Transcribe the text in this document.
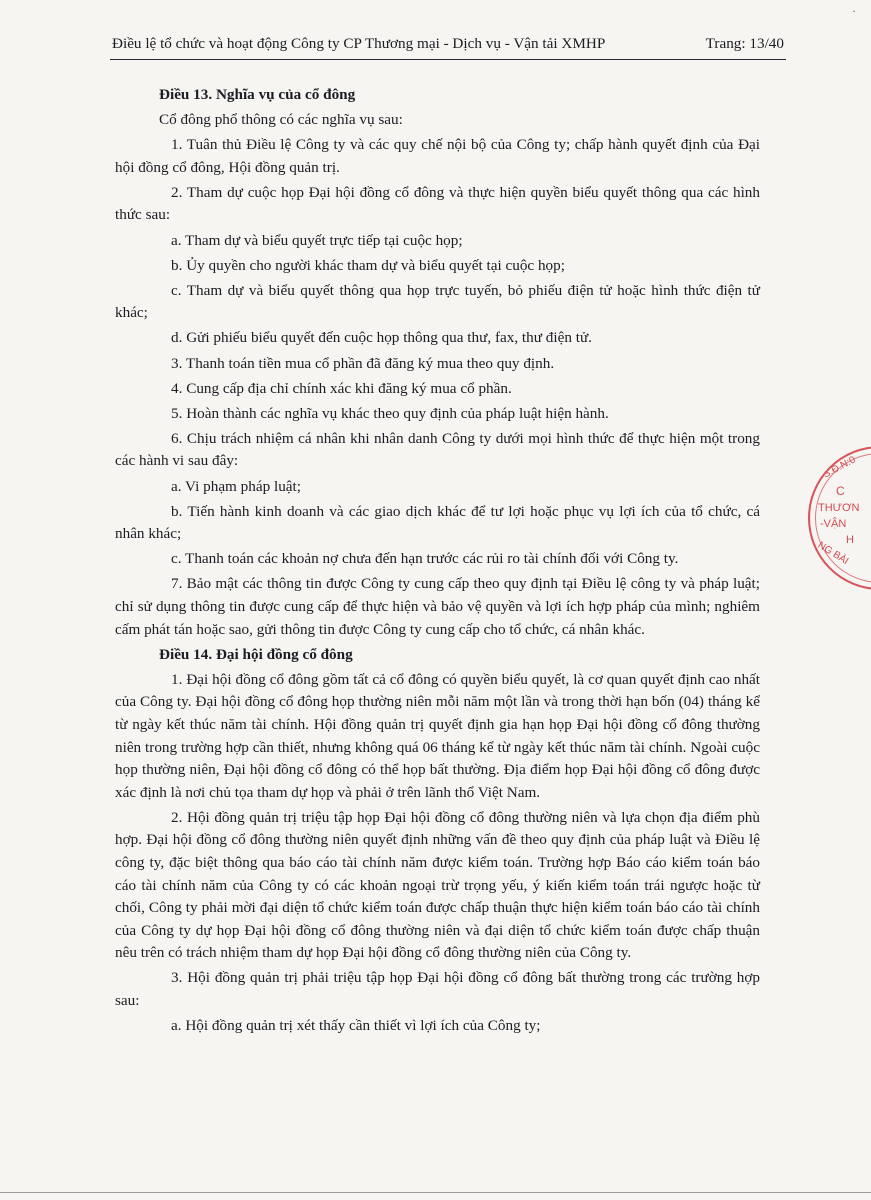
·
Điều lệ tổ chức và hoạt động Công ty CP Thương mại - Dịch vụ - Vận tải XMHP	Trang: 13/40

Điều 13. Nghĩa vụ của cổ đông

Cổ đông phổ thông có các nghĩa vụ sau:

1. Tuân thủ Điều lệ Công ty và các quy chế nội bộ của Công ty; chấp hành quyết định của Đại hội đồng cổ đông, Hội đồng quản trị.

2. Tham dự cuộc họp Đại hội đồng cổ đông và thực hiện quyền biểu quyết thông qua các hình thức sau:

a. Tham dự và biểu quyết trực tiếp tại cuộc họp;

b. Ủy quyền cho người khác tham dự và biểu quyết tại cuộc họp;

c. Tham dự và biểu quyết thông qua họp trực tuyến, bỏ phiếu điện tử hoặc hình thức điện tử khác;

d. Gửi phiếu biểu quyết đến cuộc họp thông qua thư, fax, thư điện tử.

3. Thanh toán tiền mua cổ phần đã đăng ký mua theo quy định.

4. Cung cấp địa chỉ chính xác khi đăng ký mua cổ phần.

5. Hoàn thành các nghĩa vụ khác theo quy định của pháp luật hiện hành.

6. Chịu trách nhiệm cá nhân khi nhân danh Công ty dưới mọi hình thức để thực hiện một trong các hành vi sau đây:

a. Vi phạm pháp luật;

b. Tiến hành kinh doanh và các giao dịch khác để tư lợi hoặc phục vụ lợi ích của tổ chức, cá nhân khác;

c. Thanh toán các khoản nợ chưa đến hạn trước các rủi ro tài chính đối với Công ty.

7. Bảo mật các thông tin được Công ty cung cấp theo quy định tại Điều lệ công ty và pháp luật; chỉ sử dụng thông tin được cung cấp để thực hiện và bảo vệ quyền và lợi ích hợp pháp của mình; nghiêm cấm phát tán hoặc sao, gửi thông tin được Công ty cung cấp cho tổ chức, cá nhân khác.

Điều 14. Đại hội đồng cổ đông

1. Đại hội đồng cổ đông gồm tất cả cổ đông có quyền biểu quyết, là cơ quan quyết định cao nhất của Công ty. Đại hội đồng cổ đông họp thường niên mỗi năm một lần và trong thời hạn bốn (04) tháng kể từ ngày kết thúc năm tài chính. Hội đồng quản trị quyết định gia hạn họp Đại hội đồng cổ đông thường niên trong trường hợp cần thiết, nhưng không quá 06 tháng kể từ ngày kết thúc năm tài chính. Ngoài cuộc họp thường niên, Đại hội đồng cổ đông có thể họp bất thường. Địa điểm họp Đại hội đồng cổ đông được xác định là nơi chủ tọa tham dự họp và phải ở trên lãnh thổ Việt Nam.

2. Hội đồng quản trị triệu tập họp Đại hội đồng cổ đông thường niên và lựa chọn địa điểm phù hợp. Đại hội đồng cổ đông thường niên quyết định những vấn đề theo quy định của pháp luật và Điều lệ công ty, đặc biệt thông qua báo cáo tài chính năm được kiểm toán. Trường hợp Báo cáo kiểm toán báo cáo tài chính năm của Công ty có các khoản ngoại trừ trọng yếu, ý kiến kiểm toán trái ngược hoặc từ chối, Công ty phải mời đại diện tổ chức kiểm toán được chấp thuận thực hiện kiểm toán báo cáo tài chính của Công ty dự họp Đại hội đồng cổ đông thường niên và đại diện tổ chức kiểm toán được chấp thuận nêu trên có trách nhiệm tham dự họp Đại hội đồng cổ đông thường niên của Công ty.

3. Hội đồng quản trị phải triệu tập họp Đại hội đồng cổ đông bất thường trong các trường hợp sau:

a. Hội đồng quản trị xét thấy cần thiết vì lợi ích của Công ty;

S.Đ.N:0
C
THƯƠN
-VẬN
H
NG BÀI
